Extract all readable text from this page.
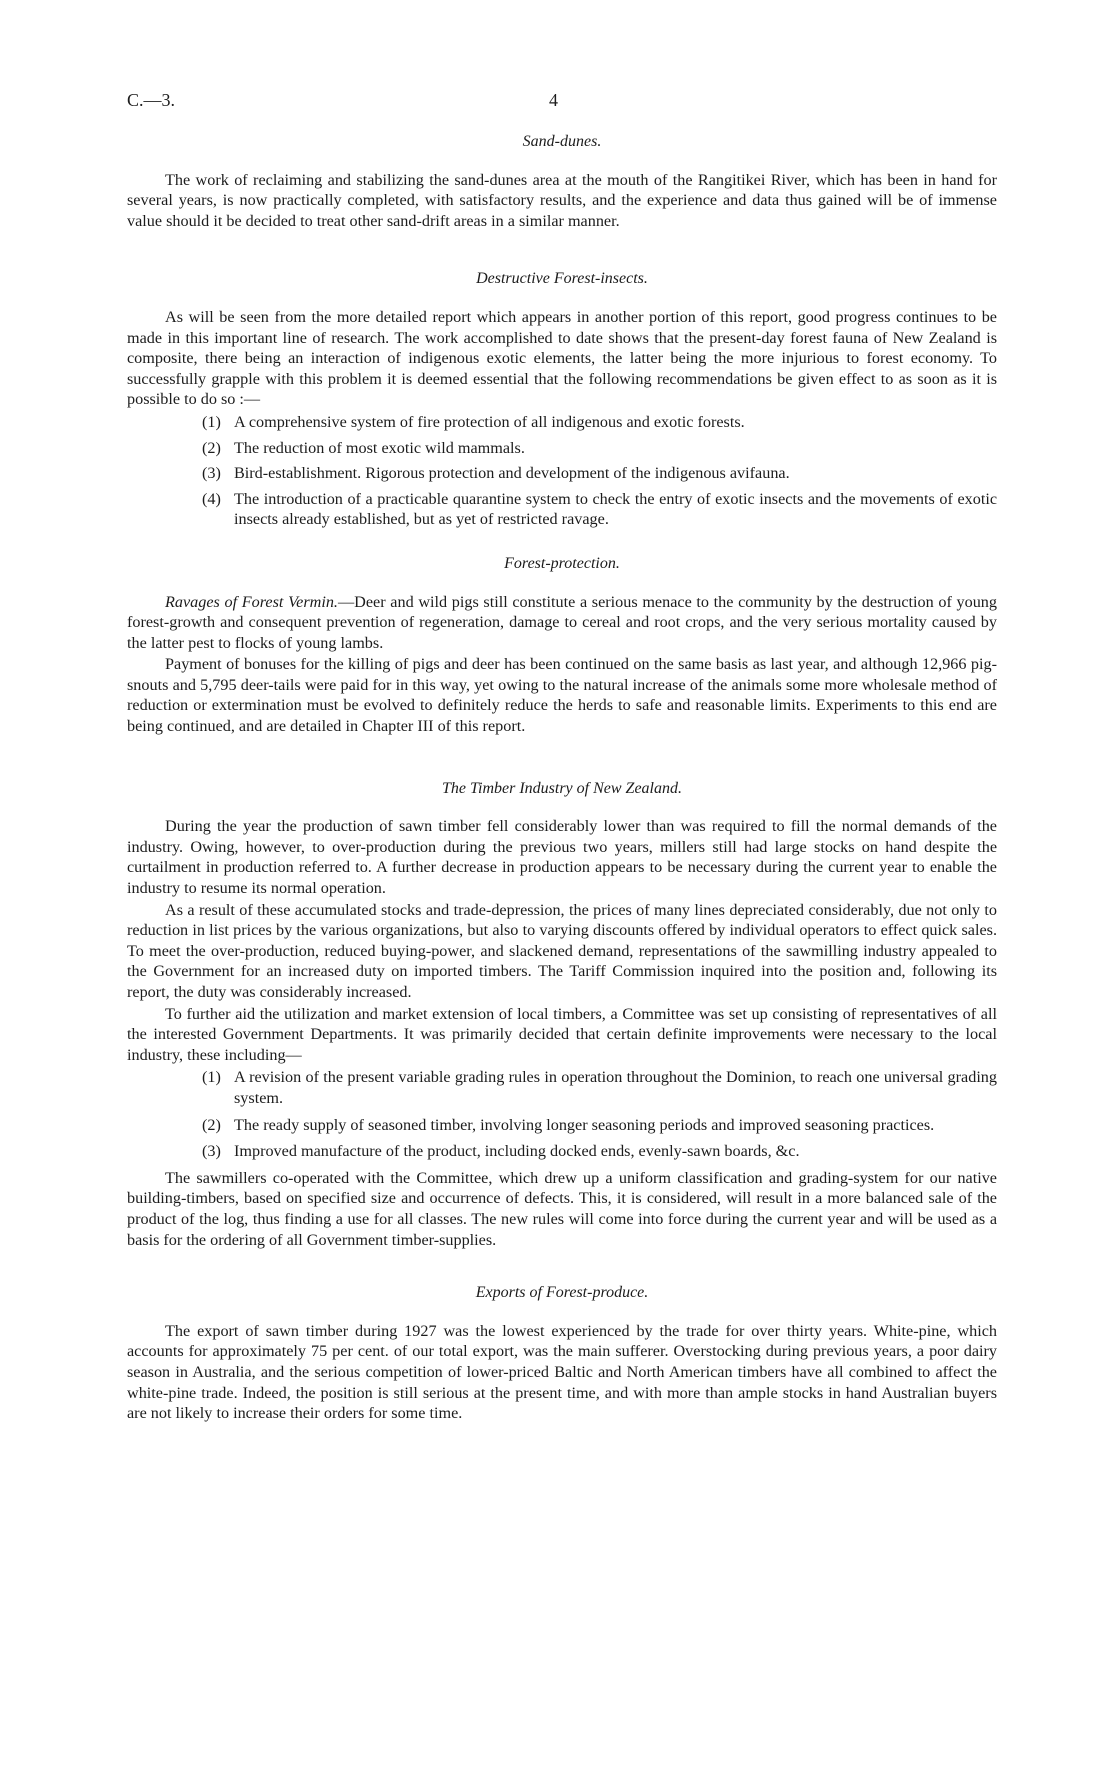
C.—3.	4
Sand-dunes.

The work of reclaiming and stabilizing the sand-dunes area at the mouth of the Rangitikei River, which has been in hand for several years, is now practically completed, with satisfactory results, and the experience and data thus gained will be of immense value should it be decided to treat other sand-drift areas in a similar manner.

Destructive Forest-insects.

As will be seen from the more detailed report which appears in another portion of this report, good progress continues to be made in this important line of research. The work accomplished to date shows that the present-day forest fauna of New Zealand is composite, there being an interaction of indigenous exotic elements, the latter being the more injurious to forest economy. To successfully grapple with this problem it is deemed essential that the following recommendations be given effect to as soon as it is possible to do so :—

(1) A comprehensive system of fire protection of all indigenous and exotic forests.
(2) The reduction of most exotic wild mammals.
(3) Bird-establishment. Rigorous protection and development of the indigenous avifauna.
(4) The introduction of a practicable quarantine system to check the entry of exotic insects and the movements of exotic insects already established, but as yet of restricted ravage.
Forest-protection.

Ravages of Forest Vermin.—Deer and wild pigs still constitute a serious menace to the community by the destruction of young forest-growth and consequent prevention of regeneration, damage to cereal and root crops, and the very serious mortality caused by the latter pest to flocks of young lambs.

Payment of bonuses for the killing of pigs and deer has been continued on the same basis as last year, and although 12,966 pig-snouts and 5,795 deer-tails were paid for in this way, yet owing to the natural increase of the animals some more wholesale method of reduction or extermination must be evolved to definitely reduce the herds to safe and reasonable limits. Experiments to this end are being continued, and are detailed in Chapter III of this report.

The Timber Industry of New Zealand.

During the year the production of sawn timber fell considerably lower than was required to fill the normal demands of the industry. Owing, however, to over-production during the previous two years, millers still had large stocks on hand despite the curtailment in production referred to. A further decrease in production appears to be necessary during the current year to enable the industry to resume its normal operation.

As a result of these accumulated stocks and trade-depression, the prices of many lines depreciated considerably, due not only to reduction in list prices by the various organizations, but also to varying discounts offered by individual operators to effect quick sales. To meet the over-production, reduced buying-power, and slackened demand, representations of the sawmilling industry appealed to the Government for an increased duty on imported timbers. The Tariff Commission inquired into the position and, following its report, the duty was considerably increased.

To further aid the utilization and market extension of local timbers, a Committee was set up consisting of representatives of all the interested Government Departments. It was primarily decided that certain definite improvements were necessary to the local industry, these including—

(1) A revision of the present variable grading rules in operation throughout the Dominion, to reach one universal grading system.
(2) The ready supply of seasoned timber, involving longer seasoning periods and improved seasoning practices.
(3) Improved manufacture of the product, including docked ends, evenly-sawn boards, &c.

The sawmillers co-operated with the Committee, which drew up a uniform classification and grading-system for our native building-timbers, based on specified size and occurrence of defects. This, it is considered, will result in a more balanced sale of the product of the log, thus finding a use for all classes. The new rules will come into force during the current year and will be used as a basis for the ordering of all Government timber-supplies.

Exports of Forest-produce.

The export of sawn timber during 1927 was the lowest experienced by the trade for over thirty years. White-pine, which accounts for approximately 75 per cent. of our total export, was the main sufferer. Overstocking during previous years, a poor dairy season in Australia, and the serious competition of lower-priced Baltic and North American timbers have all combined to affect the white-pine trade. Indeed, the position is still serious at the present time, and with more than ample stocks in hand Australian buyers are not likely to increase their orders for some time.
